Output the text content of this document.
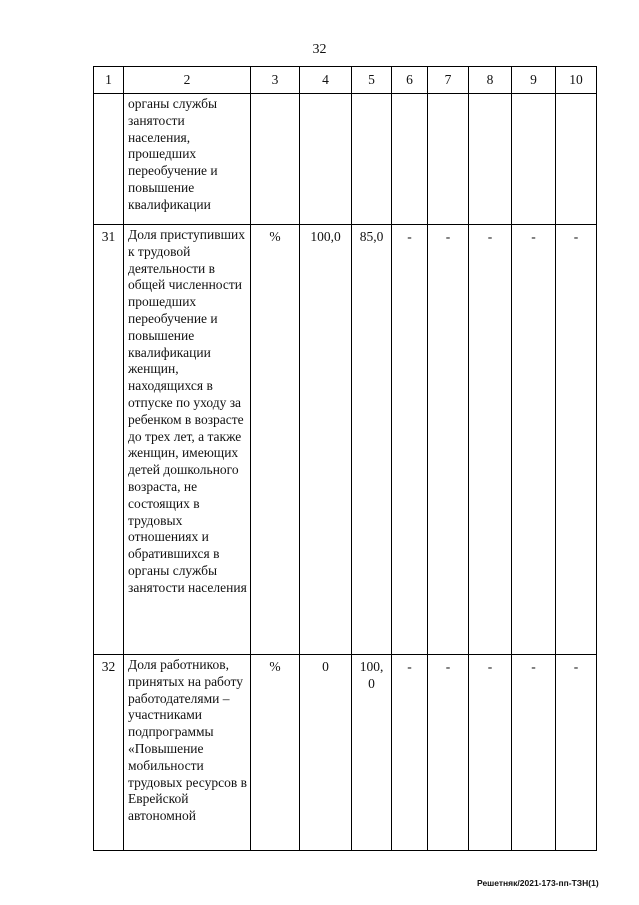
32
1	2	3	4	5	6	7	8	9	10
	органы службы занятости населения, прошедших переобучение и повышение квалификации								
31	Доля приступивших к трудовой деятельности в общей численности прошедших переобучение и повышение квалификации женщин, находящихся в отпуске по уходу за ребенком в возрасте до трех лет, а также женщин, имеющих детей дошкольного возраста, не состоящих в трудовых отношениях и обратившихся в органы службы занятости населения	%	100,0	85,0	-	-	-	-	-
32	Доля работников, принятых на работу работодателями – участниками подпрограммы «Повышение мобильности трудовых ресурсов в Еврейской автономной	%	0	100, 0	-	-	-	-	-
Решетняк/2021-173-пп-ТЗН(1)
